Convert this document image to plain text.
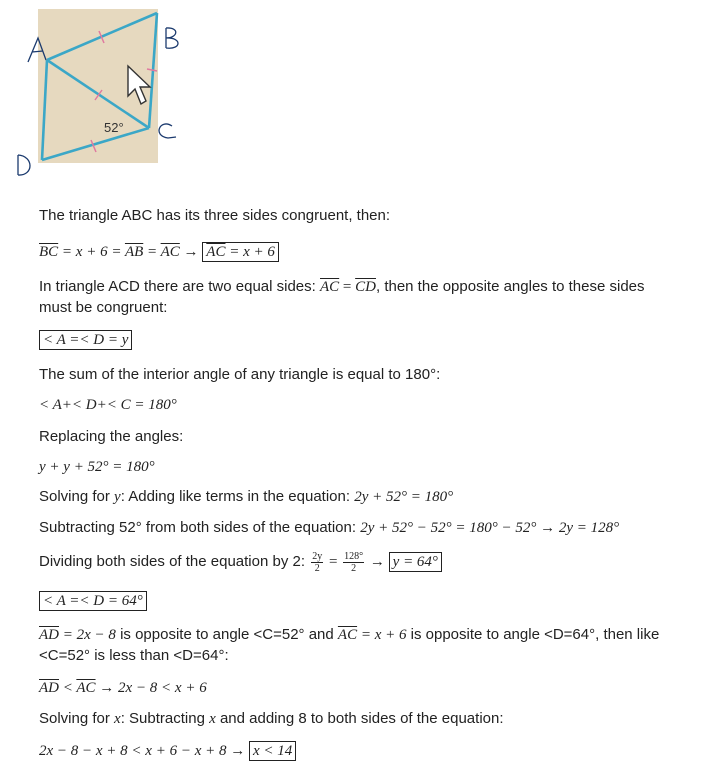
52°
The triangle ABC has its three sides congruent, then:
$\overline{BC} = x + 6 = \overline{AB} = \overline{AC} \to \overline{AC} = x + 6$
In triangle ACD there are two equal sides: $\overline{AC} = \overline{CD}$, then the opposite angles to these sides
must be congruent:
< A =< D = y
The sum of the interior angle of any triangle is equal to 180°:
< A+< D+< C = 180°
Replacing the angles:
y + y + 52° = 180°
Solving for y: Adding like terms in the equation: 2y + 52° = 180°
Subtracting 52° from both sides of the equation: 2y + 52° − 52° = 180° − 52° → 2y = 128°
Dividing both sides of the equation by 2: $\frac{2y}{2} = \frac{128^\circ}{2} \to y = 64^\circ$
< A =< D = 64°
$\overline{AD} = 2x - 8$ is opposite to angle <C=52° and $\overline{AC} = x + 6$ is opposite to angle <D=64°, then like
<C=52° is less than <D=64°:
$\overline{AD} < \overline{AC} \to 2x - 8 < x + 6$
Solving for x: Subtracting x and adding 8 to both sides of the equation:
2x − 8 − x + 8 < x + 6 − x + 8 → x < 14
